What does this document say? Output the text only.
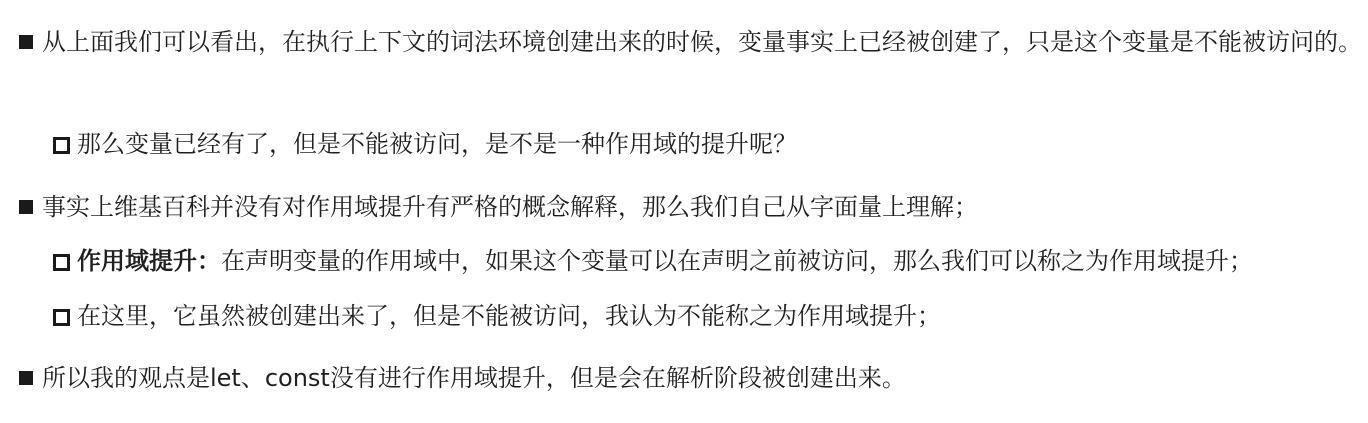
从上面我们可以看出，在执行上下文的词法环境创建出来的时候，变量事实上已经被创建了，只是这个变量是不能被访问的。
那么变量已经有了，但是不能被访问，是不是一种作用域的提升呢？
事实上维基百科并没有对作用域提升有严格的概念解释，那么我们自己从字面量上理解；
作用域提升：在声明变量的作用域中，如果这个变量可以在声明之前被访问，那么我们可以称之为作用域提升；
在这里，它虽然被创建出来了，但是不能被访问，我认为不能称之为作用域提升；
所以我的观点是let、const没有进行作用域提升，但是会在解析阶段被创建出来。
